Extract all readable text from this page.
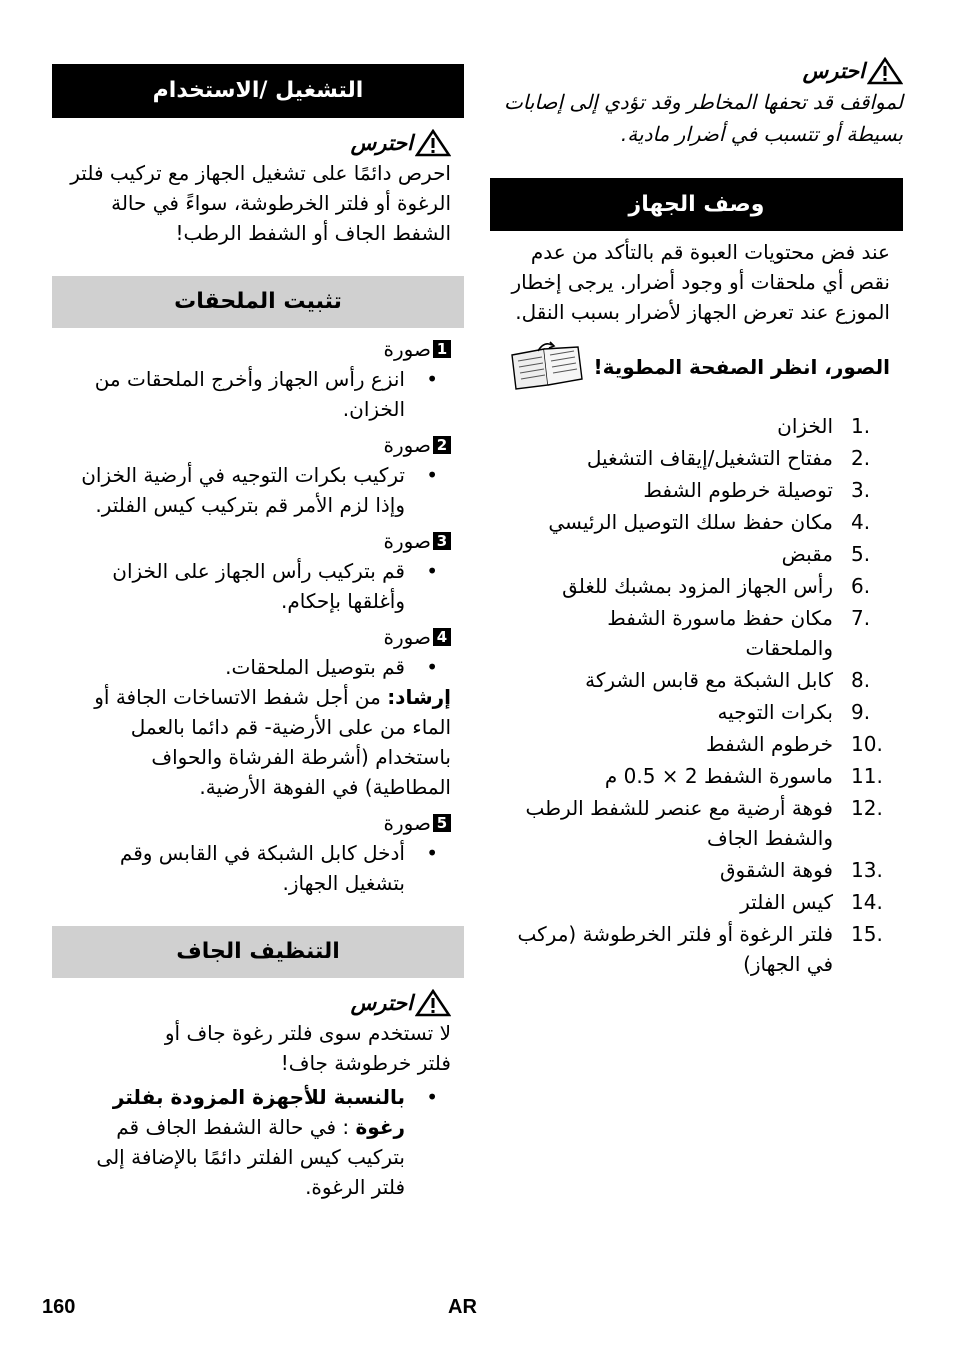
احترس

لمواقف قد تحفها المخاطر وقد تؤدي إلى إصابات بسيطة أو تتسبب في أضرار مادية.

وصف الجهاز

عند فض محتويات العبوة قم بالتأكد من عدم نقص أي ملحقات أو وجود أضرار. يرجى إخطار الموزع عند تعرض الجهاز لأضرار بسبب النقل.

الصور، انظر الصفحة المطوية!
1.
الخزان
2.
مفتاح التشغيل/إيقاف التشغيل
3.
توصيلة خرطوم الشفط
4.
مكان حفظ سلك التوصيل الرئيسي
5.
مقبض
6.
رأس الجهاز المزود بمشبك للغلق
7.
مكان حفظ ماسورة الشفط والملحقات
8.
كابل الشبكة مع قابس الشركة
9.
بكرات التوجيه
10.
خرطوم الشفط
11.
ماسورة الشفط 2 × 0.5 م
12.
فوهة أرضية مع عنصر للشفط الرطب والشفط الجاف
13.
فوهة الشقوق
14.
كيس الفلتر
15.
فلتر الرغوة أو فلتر الخرطوشة (مركب في الجهاز)
التشغيل /الاستخدام
احترس

احرص دائمًا على تشغيل الجهاز مع تركيب فلتر الرغوة أو فلتر الخرطوشة، سواءً في حالة الشفط الجاف أو الشفط الرطب!

تثبيت الملحقات
1
صورة
• انزع رأس الجهاز وأخرج الملحقات من الخزان.
2
صورة
• تركيب بكرات التوجيه في أرضية الخزان وإذا لزم الأمر قم بتركيب كيس الفلتر.
3
صورة
• قم بتركيب رأس الجهاز على الخزان وأغلقها بإحكام.
4
صورة
• قم بتوصيل الملحقات.

إرشاد: من أجل شفط الاتساخات الجافة أو الماء من على الأرضية- قم دائما بالعمل باستخدام (أشرطة الفرشاة والحواف المطاطية) في الفوهة الأرضية.

5
صورة
• أدخل كابل الشبكة في القابس وقم بتشغيل الجهاز.
التنظيف الجاف
احترس

لا تستخدم سوى فلتر رغوة جاف أو فلتر خرطوشة جاف!

• بالنسبة للأجهزة المزودة بفلتر رغوة : في حالة الشفط الجاف قم بتركيب كيس الفلتر دائمًا بالإضافة إلى فلتر الرغوة.
160	AR
